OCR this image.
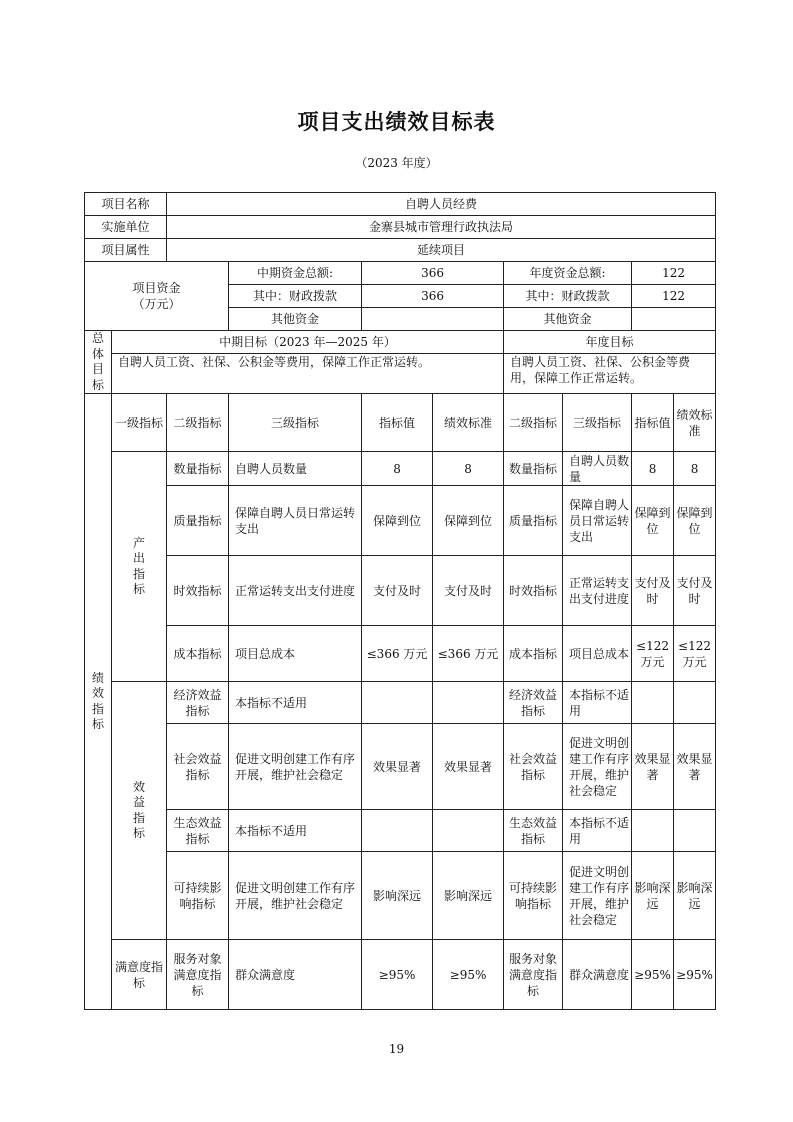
项目支出绩效目标表
（2023 年度）
项目名称		自聘人员经费							
实施单位		金寨县城市管理行政执法局							
项目属性		延续项目							

项目资金
（万元）			中期资金总额:	366		年度资金总额:		122	
			其中：财政拨款	366		其中：财政拨款		122	
			其他资金			其他资金			
总体目标	中期目标（2023 年—2025 年）					年度目标			
	自聘人员工资、社保、公积金等费用，保障工作正常运转。					自聘人员工资、社保、公积金等费用，保障工作正常运转。			
绩效指标	一级指标	二级指标	三级指标	指标值	绩效标准	二级指标	三级指标	指标值	绩效标准
	产出指标	数量指标	自聘人员数量	8	8	数量指标	自聘人员数量	8	8
		质量指标	保障自聘人员日常运转支出	保障到位	保障到位	质量指标	保障自聘人员日常运转支出	保障到位	保障到位
		时效指标	正常运转支出支付进度	支付及时	支付及时	时效指标	正常运转支出支付进度	支付及时	支付及时
		成本指标	项目总成本	≤366 万元	≤366 万元	成本指标	项目总成本	≤122万元	≤122万元
	效益指标	经济效益指标	本指标不适用			经济效益指标	本指标不适用		
		社会效益指标	促进文明创建工作有序开展，维护社会稳定	效果显著	效果显著	社会效益指标	促进文明创建工作有序开展，维护社会稳定	效果显著	效果显著
		生态效益指标	本指标不适用			生态效益指标	本指标不适用		
		可持续影响指标	促进文明创建工作有序开展，维护社会稳定	影响深远	影响深远	可持续影响指标	促进文明创建工作有序开展，维护社会稳定	影响深远	影响深远
	满意度指标	服务对象满意度指标	群众满意度	≥95%	≥95%	服务对象满意度指标	群众满意度	≥95%	≥95%
19
